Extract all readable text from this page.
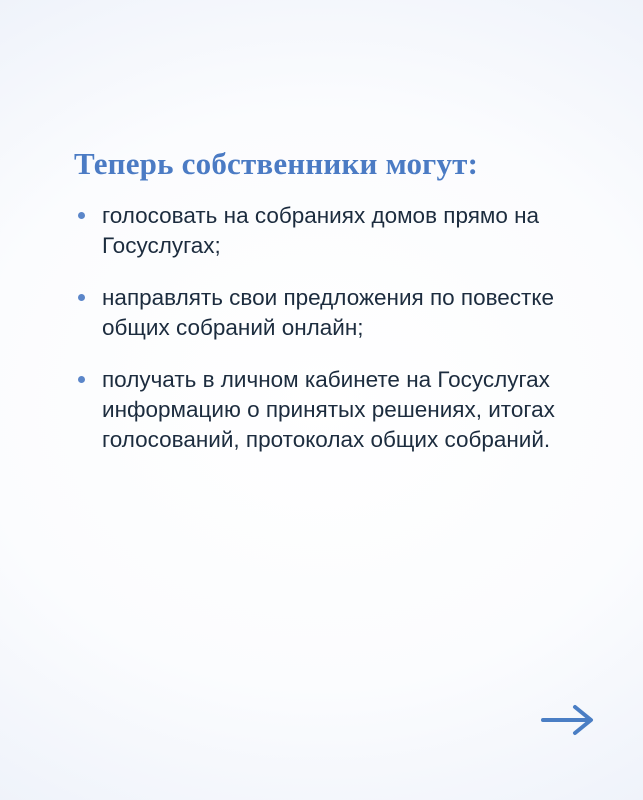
Теперь собственники могут:
голосовать на собраниях домов прямо на Госуслугах;
направлять свои предложения по повестке общих собраний онлайн;
получать в личном кабинете на Госуслугах информацию о принятых решениях, итогах голосований, протоколах общих собраний.
